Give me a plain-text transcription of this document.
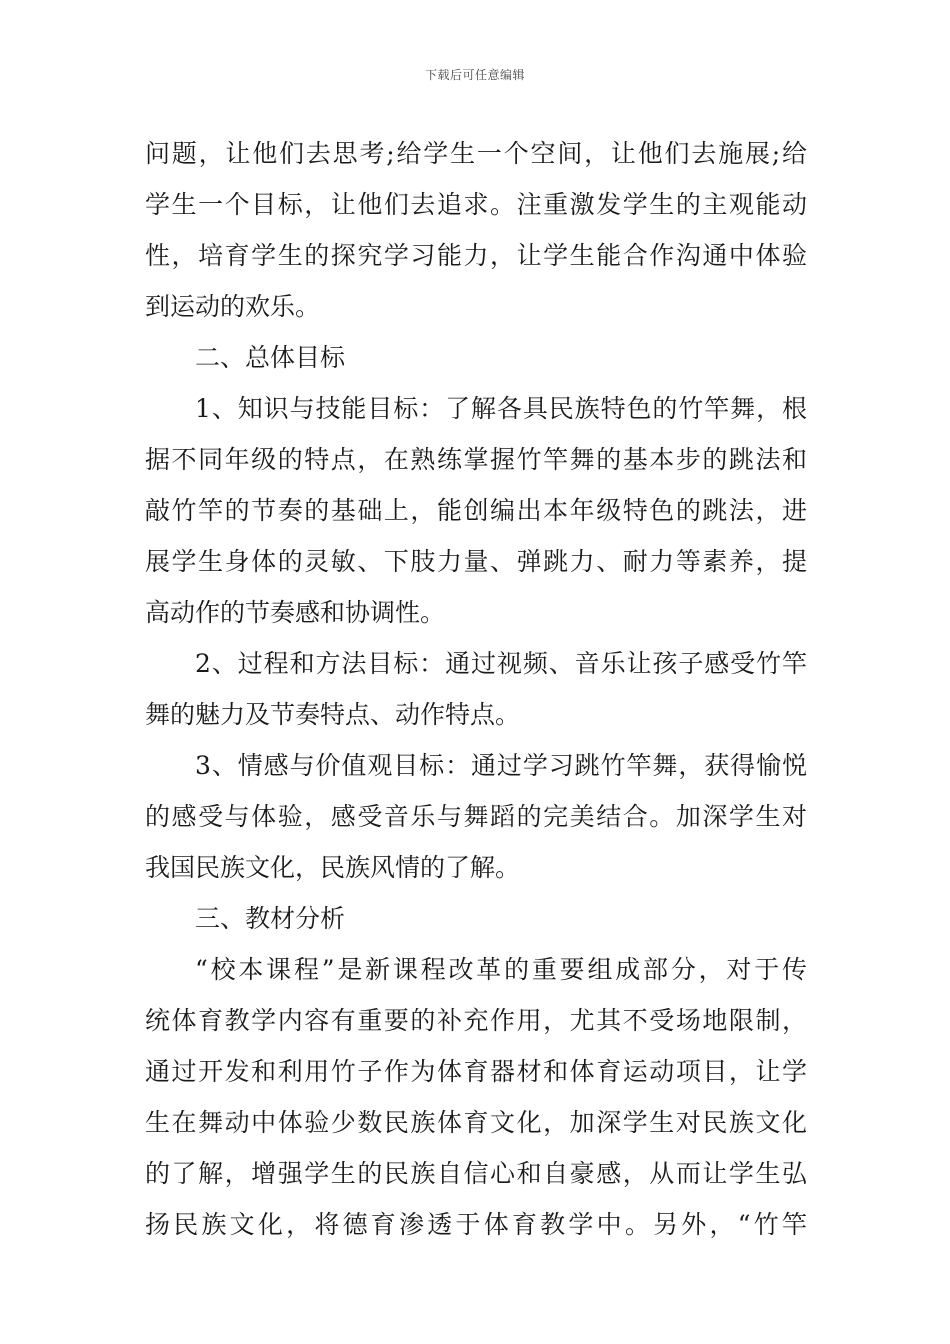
下载后可任意编辑
问题，让他们去思考;给学生一个空间，让他们去施展;给
学生一个目标，让他们去追求。注重激发学生的主观能动
性，培育学生的探究学习能力，让学生能合作沟通中体验
到运动的欢乐。
二、总体目标
1、知识与技能目标：了解各具民族特色的竹竿舞，根
据不同年级的特点，在熟练掌握竹竿舞的基本步的跳法和
敲竹竿的节奏的基础上，能创编出本年级特色的跳法，进
展学生身体的灵敏、下肢力量、弹跳力、耐力等素养，提
高动作的节奏感和协调性。
2、过程和方法目标：通过视频、音乐让孩子感受竹竿
舞的魅力及节奏特点、动作特点。
3、情感与价值观目标：通过学习跳竹竿舞，获得愉悦
的感受与体验，感受音乐与舞蹈的完美结合。加深学生对
我国民族文化，民族风情的了解。
三、教材分析
“校本课程”是新课程改革的重要组成部分，对于传
统体育教学内容有重要的补充作用，尤其不受场地限制，
通过开发和利用竹子作为体育器材和体育运动项目，让学
生在舞动中体验少数民族体育文化，加深学生对民族文化
的了解，增强学生的民族自信心和自豪感，从而让学生弘
扬民族文化，将德育渗透于体育教学中。另外，“竹竿
